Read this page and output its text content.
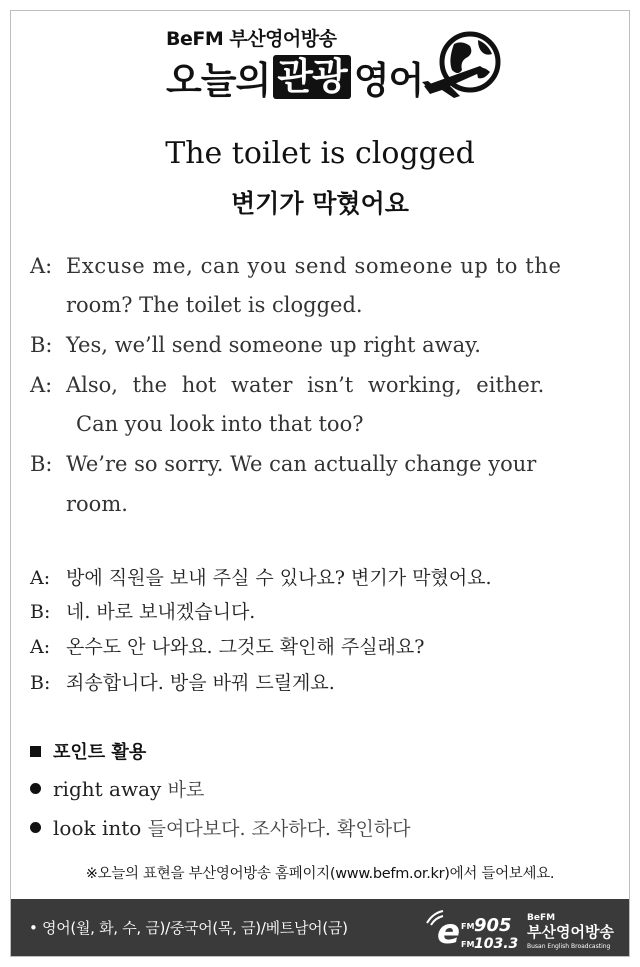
BeFM 부산영어방송
오늘의 관광 영어
The toilet is clogged
변기가 막혔어요
A: Excuse me, can you send someone up to the
room? The toilet is clogged.
B: Yes, we’ll send someone up right away.
A: Also, the hot water isn’t working, either.
Can you look into that too?
B: We’re so sorry. We can actually change your
room.
A: 방에 직원을 보내 주실 수 있나요? 변기가 막혔어요.
B: 네. 바로 보내겠습니다.
A: 온수도 안 나와요. 그것도 확인해 주실래요?
B: 죄송합니다. 방을 바꿔 드릴게요.
포인트 활용
right away 바로
look into 들여다보다. 조사하다. 확인하다
※오늘의 표현을 부산영어방송 홈페이지(www.befm.or.kr)에서 들어보세요.
• 영어(월, 화, 수, 금)/중국어(목, 금)/베트남어(금)	e FM 905
FM 103.3
BeFM
부산영어방송
Busan English Broadcasting
